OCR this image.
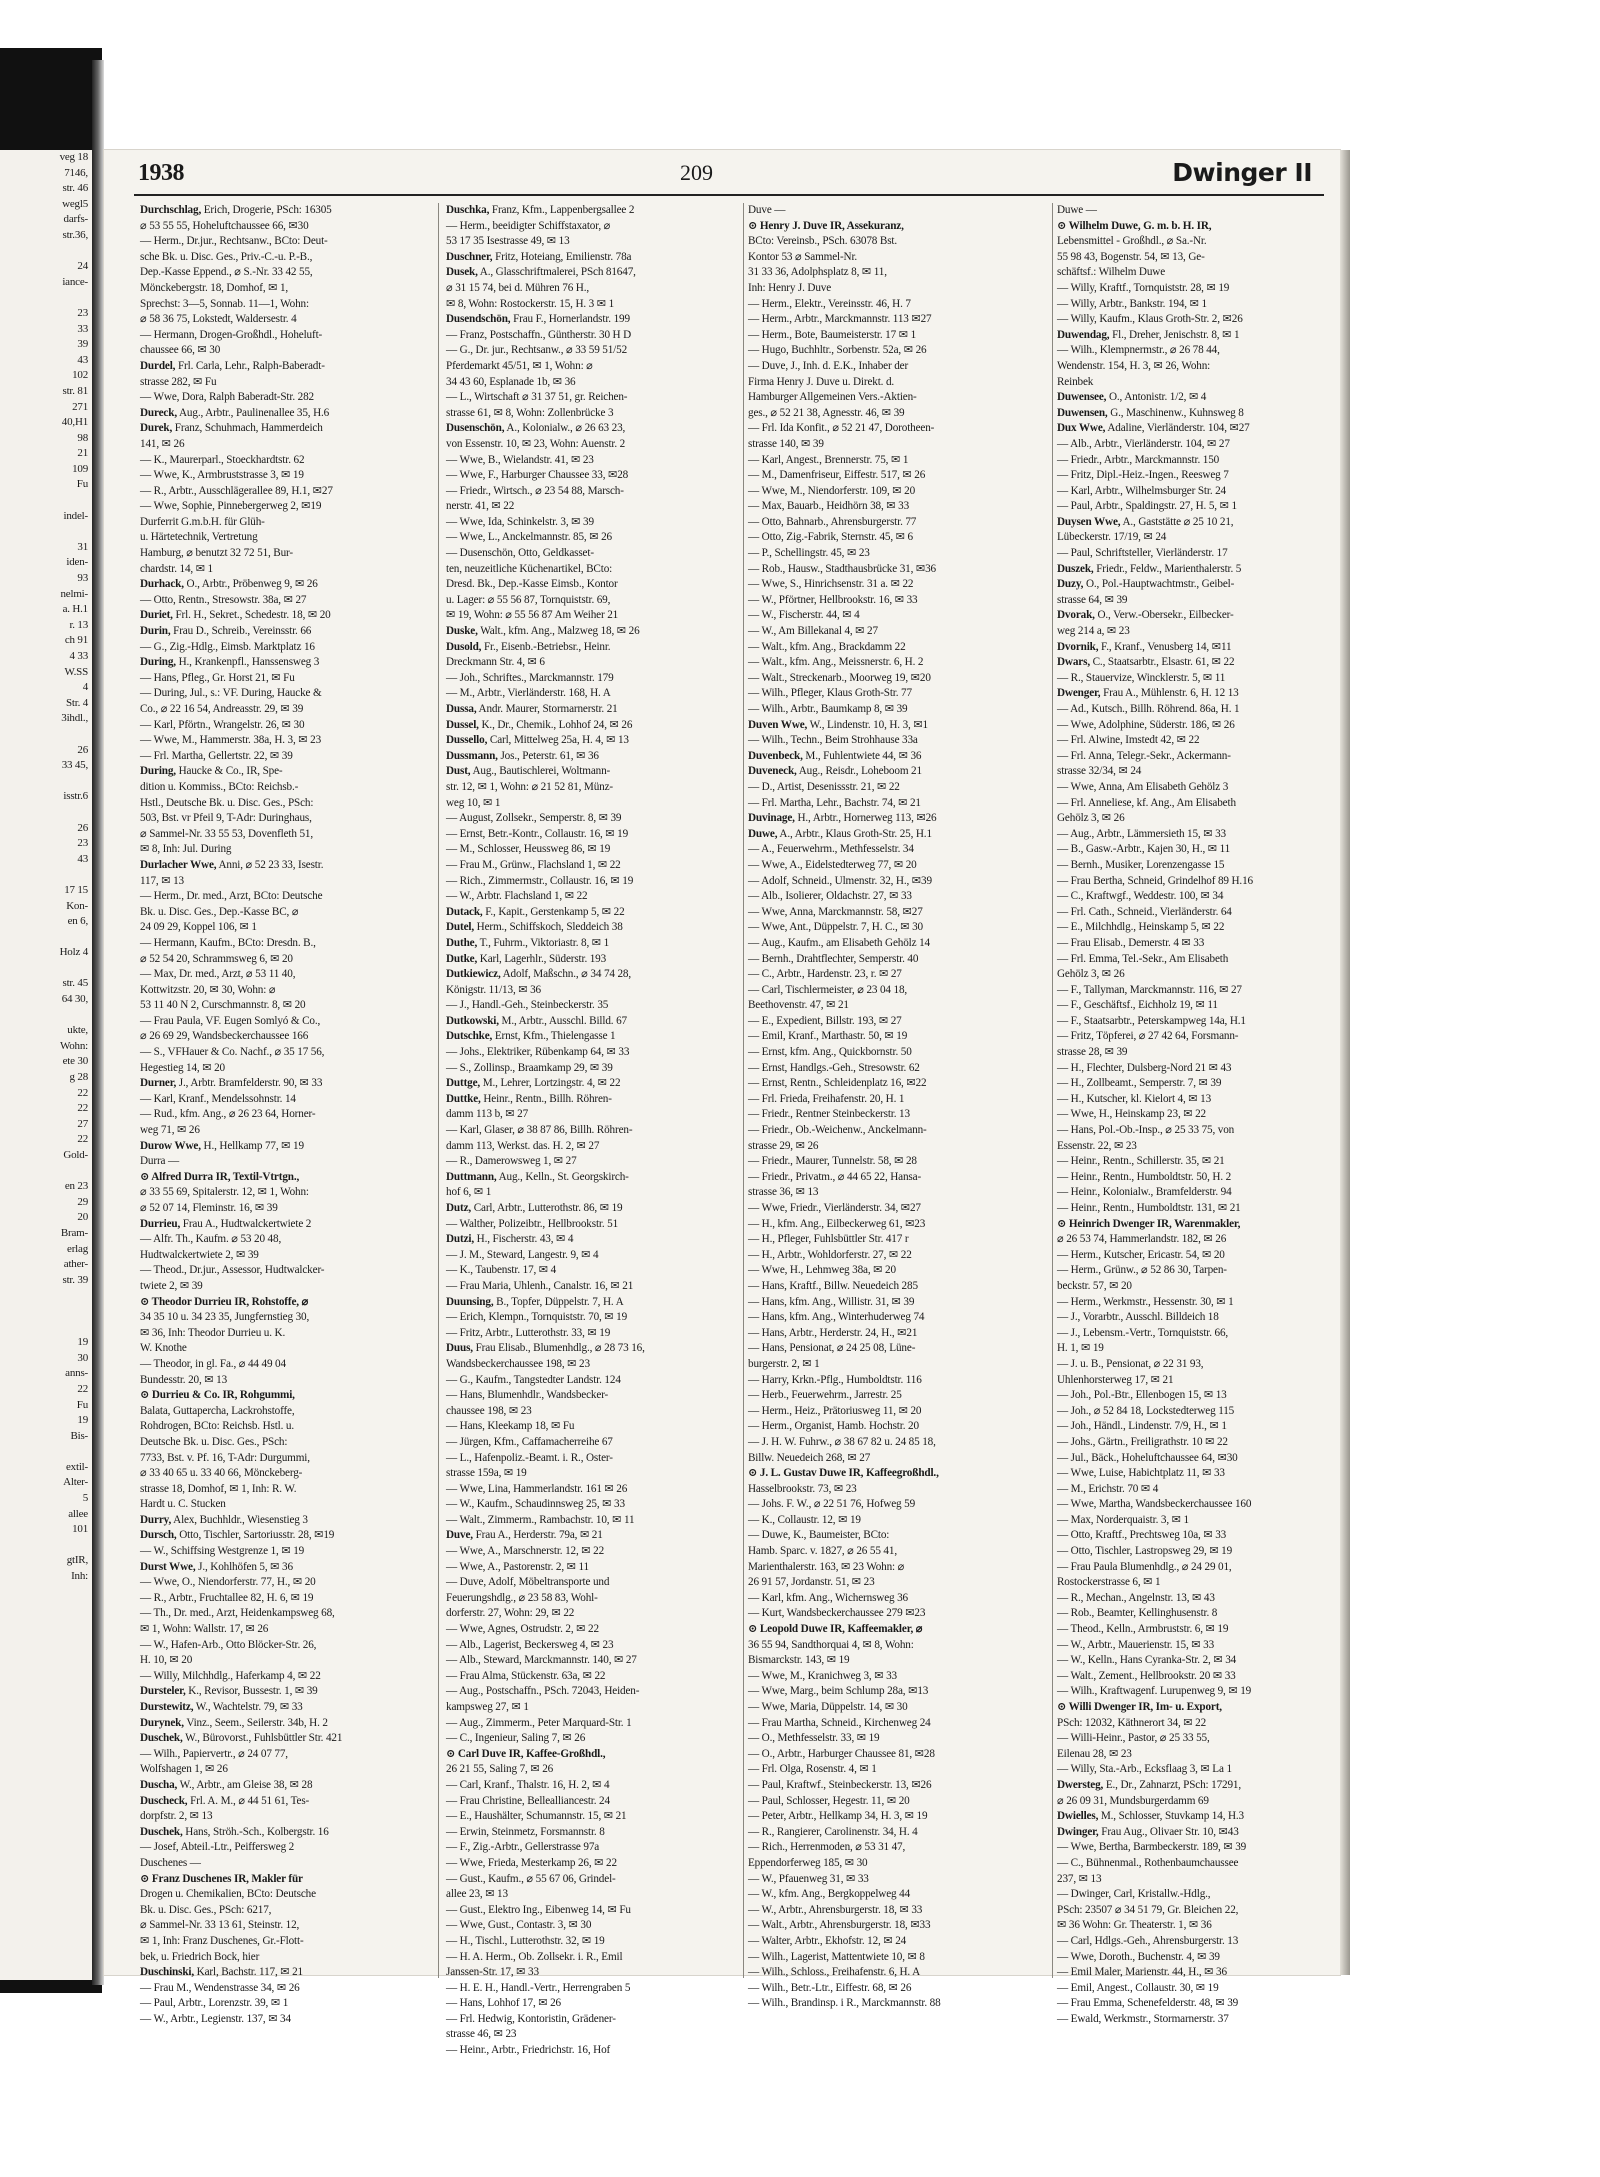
veg 18
7146,
str. 46
wegl5
darfs-
str.36,

24
iance-

23
33
39
43
102
str. 81
271
40,H1
98
21
109
Fu

indel-

31
iden-
93
nelmi-
a. H.1
r. 13
ch 91
4 33
W.SS
4
Str. 4
3ihdl.,

26
33 45,

isstr.6

26
23
43

17 15
Kon-
en 6,

Holz 4

str. 45
64 30,

ukte,
Wohn:
ete 30
g 28
22
22
27
22
Gold-

en 23
29
20
Bram-
erlag
ather-
str. 39

19
30
anns-
22
Fu
19
Bis-

extil-
Alter-
5
allee
101

gtIR,
Inh:
1938	209	Dwinger II
Durchschlag, Erich, Drogerie, PSch: 16305
⌀ 53 55 55, Hoheluftchaussee 66, ✉30
— Herm., Dr.jur., Rechtsanw., BCto: Deut-
sche Bk. u. Disc. Ges., Priv.-C.-u. P.-B.,
Dep.-Kasse Eppend., ⌀ S.-Nr. 33 42 55,
Mönckebergstr. 18, Domhof, ✉ 1,
Sprechst: 3—5, Sonnab. 11—1, Wohn:
⌀ 58 36 75, Lokstedt, Waldersestr. 4
— Hermann, Drogen-Großhdl., Hoheluft-
chaussee 66, ✉ 30
Durdel, Frl. Carla, Lehr., Ralph-Baberadt-
strasse 282, ✉ Fu
— Wwe, Dora, Ralph Baberadt-Str. 282
Dureck, Aug., Arbtr., Paulinenallee 35, H.6
Durek, Franz, Schuhmach, Hammerdeich
141, ✉ 26
— K., Maurerparl., Stoeckhardtstr. 62
— Wwe, K., Armbruststrasse 3, ✉ 19
— R., Arbtr., Ausschlägerallee 89, H.1, ✉27
— Wwe, Sophie, Pinnebergerweg 2, ✉19
Durferrit G.m.b.H. für Glüh-
u. Härtetechnik, Vertretung
Hamburg, ⌀ benutzt 32 72 51, Bur-
chardstr. 14, ✉ 1
Durhack, O., Arbtr., Pröbenweg 9, ✉ 26
— Otto, Rentn., Stresowstr. 38a, ✉ 27
Duriet, Frl. H., Sekret., Schedestr. 18, ✉ 20
Durin, Frau D., Schreib., Vereinsstr. 66
— G., Zig.-Hdlg., Eimsb. Marktplatz 16
During, H., Krankenpfl., Hanssensweg 3
— Hans, Pfleg., Gr. Horst 21, ✉ Fu
— During, Jul., s.: VF. During, Haucke &
Co., ⌀ 22 16 54, Andreasstr. 29, ✉ 39
— Karl, Pförtn., Wrangelstr. 26, ✉ 30
— Wwe, M., Hammerstr. 38a, H. 3, ✉ 23
— Frl. Martha, Gellertstr. 22, ✉ 39
During, Haucke & Co., IR, Spe-
dition u. Kommiss., BCto: Reichsb.-
Hstl., Deutsche Bk. u. Disc. Ges., PSch:
503, Bst. vr Pfeil 9, T-Adr: Duringhaus,
⌀ Sammel-Nr. 33 55 53, Dovenfleth 51,
✉ 8, Inh: Jul. During
Durlacher Wwe, Anni, ⌀ 52 23 33, Isestr.
117, ✉ 13
— Herm., Dr. med., Arzt, BCto: Deutsche
Bk. u. Disc. Ges., Dep.-Kasse BC, ⌀
24 09 29, Koppel 106, ✉ 1
— Hermann, Kaufm., BCto: Dresdn. B.,
⌀ 52 54 20, Schrammsweg 6, ✉ 20
— Max, Dr. med., Arzt, ⌀ 53 11 40,
Kottwitzstr. 20, ✉ 30, Wohn: ⌀
53 11 40 N 2, Curschmannstr. 8, ✉ 20
— Frau Paula, VF. Eugen Somlyó & Co.,
⌀ 26 69 29, Wandsbeckerchaussee 166
— S., VFHauer & Co. Nachf., ⌀ 35 17 56,
Hegestieg 14, ✉ 20
Durner, J., Arbtr. Bramfelderstr. 90, ✉ 33
— Karl, Kranf., Mendelssohnstr. 14
— Rud., kfm. Ang., ⌀ 26 23 64, Horner-
weg 71, ✉ 26
Durow Wwe, H., Hellkamp 77, ✉ 19
Durra —
⊙ Alfred Durra IR, Textil-Vtrtgn.,
⌀ 33 55 69, Spitalerstr. 12, ✉ 1, Wohn:
⌀ 52 07 14, Fleminstr. 16, ✉ 39
Durrieu, Frau A., Hudtwalckertwiete 2
— Alfr. Th., Kaufm. ⌀ 53 20 48,
Hudtwalckertwiete 2, ✉ 39
— Theod., Dr.jur., Assessor, Hudtwalcker-
twiete 2, ✉ 39
⊙ Theodor Durrieu IR, Rohstoffe, ⌀
34 35 10 u. 34 23 35, Jungfernstieg 30,
✉ 36, Inh: Theodor Durrieu u. K.
W. Knothe
— Theodor, in gl. Fa., ⌀ 44 49 04
Bundesstr. 20, ✉ 13
⊙ Durrieu & Co. IR, Rohgummi,
Balata, Guttapercha, Lackrohstoffe,
Rohdrogen, BCto: Reichsb. Hstl. u.
Deutsche Bk. u. Disc. Ges., PSch:
7733, Bst. v. Pf. 16, T-Adr: Durgummi,
⌀ 33 40 65 u. 33 40 66, Mönckeberg-
strasse 18, Domhof, ✉ 1, Inh: R. W.
Hardt u. C. Stucken
Durry, Alex, Buchhldr., Wiesenstieg 3
Dursch, Otto, Tischler, Sartoriusstr. 28, ✉19
— W., Schiffsing Westgrenze 1, ✉ 19
Durst Wwe, J., Kohlhöfen 5, ✉ 36
— Wwe, O., Niendorferstr. 77, H., ✉ 20
— R., Arbtr., Fruchtallee 82, H. 6, ✉ 19
— Th., Dr. med., Arzt, Heidenkampsweg 68,
✉ 1, Wohn: Wallstr. 17, ✉ 26
— W., Hafen-Arb., Otto Blöcker-Str. 26,
H. 10, ✉ 20
— Willy, Milchhdlg., Haferkamp 4, ✉ 22
Dursteler, K., Revisor, Bussestr. 1, ✉ 39
Durstewitz, W., Wachtelstr. 79, ✉ 33
Durynek, Vinz., Seem., Seilerstr. 34b, H. 2
Duschek, W., Bürovorst., Fuhlsbüttler Str. 421
— Wilh., Papiervertr., ⌀ 24 07 77,
Wolfshagen 1, ✉ 26
Duscha, W., Arbtr., am Gleise 38, ✉ 28
Duscheck, Frl. A. M., ⌀ 44 51 61, Tes-
dorpfstr. 2, ✉ 13
Duschek, Hans, Ströh.-Sch., Kolbergstr. 16
— Josef, Abteil.-Ltr., Peiffersweg 2
Duschenes —
⊙ Franz Duschenes IR, Makler für
Drogen u. Chemikalien, BCto: Deutsche
Bk. u. Disc. Ges., PSch: 6217,
⌀ Sammel-Nr. 33 13 61, Steinstr. 12,
✉ 1, Inh: Franz Duschenes, Gr.-Flott-
bek, u. Friedrich Bock, hier
Duschinski, Karl, Bachstr. 117, ✉ 21
— Frau M., Wendenstrasse 34, ✉ 26
— Paul, Arbtr., Lorenzstr. 39, ✉ 1
— W., Arbtr., Legienstr. 137, ✉ 34
Duschka, Franz, Kfm., Lappenbergsallee 2
— Herm., beeidigter Schiffstaxator, ⌀
53 17 35 Isestrasse 49, ✉ 13
Duschner, Fritz, Hoteiang, Emilienstr. 78a
Dusek, A., Glasschriftmalerei, PSch 81647,
⌀ 31 15 74, bei d. Mühren 76 H.,
✉ 8, Wohn: Rostockerstr. 15, H. 3 ✉ 1
Dusendschön, Frau F., Hornerlandstr. 199
— Franz, Postschaffn., Güntherstr. 30 H D
— G., Dr. jur., Rechtsanw., ⌀ 33 59 51/52
Pferdemarkt 45/51, ✉ 1, Wohn: ⌀
34 43 60, Esplanade 1b, ✉ 36
— L., Wirtschaft ⌀ 31 37 51, gr. Reichen-
strasse 61, ✉ 8, Wohn: Zollenbrücke 3
Dusenschön, A., Kolonialw., ⌀ 26 63 23,
von Essenstr. 10, ✉ 23, Wohn: Auenstr. 2
— Wwe, B., Wielandstr. 41, ✉ 23
— Wwe, F., Harburger Chaussee 33, ✉28
— Friedr., Wirtsch., ⌀ 23 54 88, Marsch-
nerstr. 41, ✉ 22
— Wwe, Ida, Schinkelstr. 3, ✉ 39
— Wwe, L., Anckelmannstr. 85, ✉ 26
— Dusenschön, Otto, Geldkasset-
ten, neuzeitliche Küchenartikel, BCto:
Dresd. Bk., Dep.-Kasse Eimsb., Kontor
u. Lager: ⌀ 55 56 87, Tornquiststr. 69,
✉ 19, Wohn: ⌀ 55 56 87 Am Weiher 21
Duske, Walt., kfm. Ang., Malzweg 18, ✉ 26
Dusold, Fr., Eisenb.-Betriebsr., Heinr.
Dreckmann Str. 4, ✉ 6
— Joh., Schriftes., Marckmannstr. 179
— M., Arbtr., Vierländerstr. 168, H. A
Dussa, Andr. Maurer, Stormarnerstr. 21
Dussel, K., Dr., Chemik., Lohhof 24, ✉ 26
Dussello, Carl, Mittelweg 25a, H. 4, ✉ 13
Dussmann, Jos., Peterstr. 61, ✉ 36
Dust, Aug., Bautischlerei, Woltmann-
str. 12, ✉ 1, Wohn: ⌀ 21 52 81, Münz-
weg 10, ✉ 1
— August, Zollsekr., Semperstr. 8, ✉ 39
— Ernst, Betr.-Kontr., Collaustr. 16, ✉ 19
— M., Schlosser, Heussweg 86, ✉ 19
— Frau M., Grünw., Flachsland 1, ✉ 22
— Rich., Zimmermstr., Collaustr. 16, ✉ 19
— W., Arbtr. Flachsland 1, ✉ 22
Dutack, F., Kapit., Gerstenkamp 5, ✉ 22
Dutel, Herm., Schiffskoch, Sleddeich 38
Duthe, T., Fuhrm., Viktoriastr. 8, ✉ 1
Dutke, Karl, Lagerhlr., Süderstr. 193
Dutkiewicz, Adolf, Maßschn., ⌀ 34 74 28,
Königstr. 11/13, ✉ 36
— J., Handl.-Geh., Steinbeckerstr. 35
Dutkowski, M., Arbtr., Ausschl. Billd. 67
Dutschke, Ernst, Kfm., Thielengasse 1
— Johs., Elektriker, Rübenkamp 64, ✉ 33
— S., Zollinsp., Braamkamp 29, ✉ 39
Duttge, M., Lehrer, Lortzingstr. 4, ✉ 22
Duttke, Heinr., Rentn., Billh. Röhren-
damm 113 b, ✉ 27
— Karl, Glaser, ⌀ 38 87 86, Billh. Röhren-
damm 113, Werkst. das. H. 2, ✉ 27
— R., Damerowsweg 1, ✉ 27
Duttmann, Aug., Kelln., St. Georgskirch-
hof 6, ✉ 1
Dutz, Carl, Arbtr., Lutterothstr. 86, ✉ 19
— Walther, Polizeibtr., Hellbrookstr. 51
Dutzi, H., Fischerstr. 43, ✉ 4
— J. M., Steward, Langestr. 9, ✉ 4
— K., Taubenstr. 17, ✉ 4
— Frau Maria, Uhlenh., Canalstr. 16, ✉ 21
Duunsing, B., Topfer, Düppelstr. 7, H. A
— Erich, Klempn., Tornquiststr. 70, ✉ 19
— Fritz, Arbtr., Lutterothstr. 33, ✉ 19
Duus, Frau Elisab., Blumenhdlg., ⌀ 28 73 16,
Wandsbeckerchaussee 198, ✉ 23
— G., Kaufm., Tangstedter Landstr. 124
— Hans, Blumenhdlr., Wandsbecker-
chaussee 198, ✉ 23
— Hans, Kleekamp 18, ✉ Fu
— Jürgen, Kfm., Caffamacherreihe 67
— L., Hafenpoliz.-Beamt. i. R., Oster-
strasse 159a, ✉ 19
— Wwe, Lina, Hammerlandstr. 161 ✉ 26
— W., Kaufm., Schaudinnsweg 25, ✉ 33
— Walt., Zimmerm., Rambachstr. 10, ✉ 11
Duve, Frau A., Herderstr. 79a, ✉ 21
— Wwe, A., Marschnerstr. 12, ✉ 22
— Wwe, A., Pastorenstr. 2, ✉ 11
— Duve, Adolf, Möbeltransporte und
Feuerungshdlg., ⌀ 23 58 83, Wohl-
dorferstr. 27, Wohn: 29, ✉ 22
— Wwe, Agnes, Ostrudstr. 2, ✉ 22
— Alb., Lagerist, Beckersweg 4, ✉ 23
— Alb., Steward, Marckmannstr. 140, ✉ 27
— Frau Alma, Stückenstr. 63a, ✉ 22
— Aug., Postschaffn., PSch. 72043, Heiden-
kampsweg 27, ✉ 1
— Aug., Zimmerm., Peter Marquard-Str. 1
— C., Ingenieur, Saling 7, ✉ 26
⊙ Carl Duve IR, Kaffee-Großhdl.,
26 21 55, Saling 7, ✉ 26
— Carl, Kranf., Thalstr. 16, H. 2, ✉ 4
— Frau Christine, Belleallianсestr. 24
— E., Haushälter, Schumannstr. 15, ✉ 21
— Erwin, Steinmetz, Forsmannstr. 8
— F., Zig.-Arbtr., Gellerstrasse 97a
— Wwe, Frieda, Mesterkamp 26, ✉ 22
— Gust., Kaufm., ⌀ 55 67 06, Grindel-
allee 23, ✉ 13
— Gust., Elektro Ing., Eibenweg 14, ✉ Fu
— Wwe, Gust., Contastr. 3, ✉ 30
— H., Tischl., Lutterothstr. 32, ✉ 19
— H. A. Herm., Ob. Zollsekr. i. R., Emil
Janssen-Str. 17, ✉ 33
— H. E. H., Handl.-Vertr., Herrengraben 5
— Hans, Lohhof 17, ✉ 26
— Frl. Hedwig, Kontoristin, Grädener-
strasse 46, ✉ 23
— Heinr., Arbtr., Friedrichstr. 16, Hof
Duve —
⊙ Henry J. Duve IR, Assekuranz,
BCto: Vereinsb., PSch. 63078 Bst.
Kontor 53 ⌀ Sammel-Nr.
31 33 36, Adolphsplatz 8, ✉ 11,
Inh: Henry J. Duve
— Herm., Elektr., Vereinsstr. 46, H. 7
— Herm., Arbtr., Marckmannstr. 113 ✉27
— Herm., Bote, Baumeisterstr. 17 ✉ 1
— Hugo, Buchhltr., Sorbenstr. 52a, ✉ 26
— Duve, J., Inh. d. E.K., Inhaber der
Firma Henry J. Duve u. Direkt. d.
Hamburger Allgemeinen Vers.-Aktien-
ges., ⌀ 52 21 38, Agnesstr. 46, ✉ 39
— Frl. Ida Konfit., ⌀ 52 21 47, Dorotheen-
strasse 140, ✉ 39
— Karl, Angest., Brennerstr. 75, ✉ 1
— M., Damenfriseur, Eiffestr. 517, ✉ 26
— Wwe, M., Niendorferstr. 109, ✉ 20
— Max, Bauarb., Heidhörn 38, ✉ 33
— Otto, Bahnarb., Ahrensburgerstr. 77
— Otto, Zig.-Fabrik, Sternstr. 45, ✉ 6
— P., Schellingstr. 45, ✉ 23
— Rob., Hausw., Stadthausbrücke 31, ✉36
— Wwe, S., Hinrichsenstr. 31 a. ✉ 22
— W., Pförtner, Hellbrookstr. 16, ✉ 33
— W., Fischerstr. 44, ✉ 4
— W., Am Billekanal 4, ✉ 27
— Walt., kfm. Ang., Brackdamm 22
— Walt., kfm. Ang., Meissnerstr. 6, H. 2
— Walt., Streckenarb., Moorweg 19, ✉20
— Wilh., Pfleger, Klaus Groth-Str. 77
— Wilh., Arbtr., Baumkamp 8, ✉ 39
Duven Wwe, W., Lindenstr. 10, H. 3, ✉1
— Wilh., Techn., Beim Strohhause 33a
Duvenbeck, M., Fuhlentwiete 44, ✉ 36
Duveneck, Aug., Reisdr., Loheboom 21
— D., Artist, Desenissstr. 21, ✉ 22
— Frl. Martha, Lehr., Bachstr. 74, ✉ 21
Duvinage, H., Arbtr., Hornerweg 113, ✉26
Duwe, A., Arbtr., Klaus Groth-Str. 25, H.1
— A., Feuerwehrm., Methfesselstr. 34
— Wwe, A., Eidelstedterweg 77, ✉ 20
— Adolf, Schneid., Ulmenstr. 32, H., ✉39
— Alb., Isolierer, Oldachstr. 27, ✉ 33
— Wwe, Anna, Marckmannstr. 58, ✉27
— Wwe, Ant., Düppelstr. 7, H. C., ✉ 30
— Aug., Kaufm., am Elisabeth Gehölz 14
— Bernh., Drahtflechter, Semperstr. 40
— C., Arbtr., Hardenstr. 23, r. ✉ 27
— Carl, Tischlermeister, ⌀ 23 04 18,
Beethovenstr. 47, ✉ 21
— E., Expedient, Billstr. 193, ✉ 27
— Emil, Kranf., Marthastr. 50, ✉ 19
— Ernst, kfm. Ang., Quickbornstr. 50
— Ernst, Handlgs.-Geh., Stresowstr. 62
— Ernst, Rentn., Schleidenplatz 16, ✉22
— Frl. Frieda, Freihafenstr. 20, H. 1
— Friedr., Rentner Steinbeckerstr. 13
— Friedr., Ob.-Weichenw., Anckelmann-
strasse 29, ✉ 26
— Friedr., Maurer, Tunnelstr. 58, ✉ 28
— Friedr., Privatm., ⌀ 44 65 22, Hansa-
strasse 36, ✉ 13
— Wwe, Friedr., Vierländerstr. 34, ✉27
— H., kfm. Ang., Eilbeckerweg 61, ✉23
— H., Pfleger, Fuhlsbüttler Str. 417 r
— H., Arbtr., Wohldorferstr. 27, ✉ 22
— Wwe, H., Lehmweg 38a, ✉ 20
— Hans, Kraftf., Billw. Neuedeich 285
— Hans, kfm. Ang., Willistr. 31, ✉ 39
— Hans, kfm. Ang., Winterhuderweg 74
— Hans, Arbtr., Herderstr. 24, H., ✉21
— Hans, Pensionat, ⌀ 24 25 08, Lüne-
burgerstr. 2, ✉ 1
— Harry, Krkn.-Pflg., Humboldtstr. 116
— Herb., Feuerwehrm., Jarrestr. 25
— Herm., Heiz., Prätoriusweg 11, ✉ 20
— Herm., Organist, Hamb. Hochstr. 20
— J. H. W. Fuhrw., ⌀ 38 67 82 u. 24 85 18,
Billw. Neuedeich 268, ✉ 27
⊙ J. L. Gustav Duwe IR, Kaffeegroßhdl.,
Hasselbrookstr. 73, ✉ 23
— Johs. F. W., ⌀ 22 51 76, Hofweg 59
— K., Collaustr. 12, ✉ 19
— Duwe, K., Baumeister, BCto:
Hamb. Sparc. v. 1827, ⌀ 26 55 41,
Marienthalerstr. 163, ✉ 23 Wohn: ⌀
26 91 57, Jordanstr. 51, ✉ 23
— Karl, kfm. Ang., Wichernsweg 36
— Kurt, Wandsbeckerchaussee 279 ✉23
⊙ Leopold Duwe IR, Kaffeemakler, ⌀
36 55 94, Sandthorquai 4, ✉ 8, Wohn:
Bismarckstr. 143, ✉ 19
— Wwe, M., Kranichweg 3, ✉ 33
— Wwe, Marg., beim Schlump 28a, ✉13
— Wwe, Maria, Düppelstr. 14, ✉ 30
— Frau Martha, Schneid., Kirchenweg 24
— O., Methfesselstr. 33, ✉ 19
— O., Arbtr., Harburger Chaussee 81, ✉28
— Frl. Olga, Rosenstr. 4, ✉ 1
— Paul, Kraftwf., Steinbeckerstr. 13, ✉26
— Paul, Schlosser, Hegestr. 11, ✉ 20
— Peter, Arbtr., Hellkamp 34, H. 3, ✉ 19
— R., Rangierer, Carolinenstr. 34, H. 4
— Rich., Herrenmoden, ⌀ 53 31 47,
Eppendorferweg 185, ✉ 30
— W., Pfauenweg 31, ✉ 33
— W., kfm. Ang., Bergkoppelweg 44
— W., Arbtr., Ahrensburgerstr. 18, ✉ 33
— Walt., Arbtr., Ahrensburgerstr. 18, ✉33
— Walter, Arbtr., Ekhofstr. 12, ✉ 24
— Wilh., Lagerist, Mattentwiete 10, ✉ 8
— Wilh., Schloss., Freihafenstr. 6, H. A
— Wilh., Betr.-Ltr., Eiffestr. 68, ✉ 26
— Wilh., Brandinsp. i R., Marckmannstr. 88
Duwe —
⊙ Wilhelm Duwe, G. m. b. H. IR,
Lebensmittel - Großhdl., ⌀ Sa.-Nr.
55 98 43, Bogenstr. 54, ✉ 13, Ge-
schäftsf.: Wilhelm Duwe
— Willy, Kraftf., Tornquiststr. 28, ✉ 19
— Willy, Arbtr., Bankstr. 194, ✉ 1
— Willy, Kaufm., Klaus Groth-Str. 2, ✉26
Duwendag, Fl., Dreher, Jenischstr. 8, ✉ 1
— Wilh., Klempnermstr., ⌀ 26 78 44,
Wendenstr. 154, H. 3, ✉ 26, Wohn:
Reinbek
Duwensee, O., Antonistr. 1/2, ✉ 4
Duwensen, G., Maschinenw., Kuhnsweg 8
Dux Wwe, Adaline, Vierländerstr. 104, ✉27
— Alb., Arbtr., Vierländerstr. 104, ✉ 27
— Friedr., Arbtr., Marckmannstr. 150
— Fritz, Dipl.-Heiz.-Ingen., Reesweg 7
— Karl, Arbtr., Wilhelmsburger Str. 24
— Paul, Arbtr., Spaldingstr. 27, H. 5, ✉ 1
Duysen Wwe, A., Gaststätte ⌀ 25 10 21,
Lübeckerstr. 17/19, ✉ 24
— Paul, Schriftsteller, Vierländerstr. 17
Duszek, Friedr., Feldw., Marienthalerstr. 5
Duzy, O., Pol.-Hauptwachtmstr., Geibel-
strasse 64, ✉ 39
Dvorak, O., Verw.-Obersekr., Eilbecker-
weg 214 a, ✉ 23
Dvornik, F., Kranf., Venusberg 14, ✉11
Dwars, C., Staatsarbtr., Elsastr. 61, ✉ 22
— R., Stauervize, Wincklerstr. 5, ✉ 11
Dwenger, Frau A., Mühlenstr. 6, H. 12 13
— Ad., Kutsch., Billh. Röhrend. 86a, H. 1
— Wwe, Adolphine, Süderstr. 186, ✉ 26
— Frl. Alwine, Imstedt 42, ✉ 22
— Frl. Anna, Telegr.-Sekr., Ackermann-
strasse 32/34, ✉ 24
— Wwe, Anna, Am Elisabeth Gehölz 3
— Frl. Anneliese, kf. Ang., Am Elisabeth
Gehölz 3, ✉ 26
— Aug., Arbtr., Lämmersieth 15, ✉ 33
— B., Gasw.-Arbtr., Kajen 30, H., ✉ 11
— Bernh., Musiker, Lorenzengasse 15
— Frau Bertha, Schneid, Grindelhof 89 H.16
— C., Kraftwgf., Weddestr. 100, ✉ 34
— Frl. Cath., Schneid., Vierländerstr. 64
— E., Milchhdlg., Heinskamp 5, ✉ 22
— Frau Elisab., Demerstr. 4 ✉ 33
— Frl. Emma, Tel.-Sekr., Am Elisabeth
Gehölz 3, ✉ 26
— F., Tallyman, Marckmannstr. 116, ✉ 27
— F., Geschäftsf., Eichholz 19, ✉ 11
— F., Staatsarbtr., Peterskampweg 14a, H.1
— Fritz, Töpferei, ⌀ 27 42 64, Forsmann-
strasse 28, ✉ 39
— H., Flechter, Dulsberg-Nord 21 ✉ 43
— H., Zollbeamt., Semperstr. 7, ✉ 39
— H., Kutscher, kl. Kielort 4, ✉ 13
— Wwe, H., Heinskamp 23, ✉ 22
— Hans, Pol.-Ob.-Insp., ⌀ 25 33 75, von
Essenstr. 22, ✉ 23
— Heinr., Rentn., Schillerstr. 35, ✉ 21
— Heinr., Rentn., Humboldtstr. 50, H. 2
— Heinr., Kolonialw., Bramfelderstr. 94
— Heinr., Rentn., Humboldtstr. 131, ✉ 21
⊙ Heinrich Dwenger IR, Warenmakler,
⌀ 26 53 74, Hammerlandstr. 182, ✉ 26
— Herm., Kutscher, Ericastr. 54, ✉ 20
— Herm., Grünw., ⌀ 52 86 30, Tarpen-
beckstr. 57, ✉ 20
— Herm., Werkmstr., Hessenstr. 30, ✉ 1
— J., Vorarbtr., Ausschl. Billdeich 18
— J., Lebensm.-Vertr., Tornquiststr. 66,
H. 1, ✉ 19
— J. u. B., Pensionat, ⌀ 22 31 93,
Uhlenhorsterweg 17, ✉ 21
— Joh., Pol.-Btr., Ellenbogen 15, ✉ 13
— Joh., ⌀ 52 84 18, Lockstedterweg 115
— Joh., Händl., Lindenstr. 7/9, H., ✉ 1
— Johs., Gärtn., Freiligrathstr. 10 ✉ 22
— Jul., Bäck., Hoheluftchaussee 64, ✉30
— Wwe, Luise, Habichtplatz 11, ✉ 33
— M., Erichstr. 70 ✉ 4
— Wwe, Martha, Wandsbeckerchaussee 160
— Max, Norderquaistr. 3, ✉ 1
— Otto, Kraftf., Prechtsweg 10a, ✉ 33
— Otto, Tischler, Lastropsweg 29, ✉ 19
— Frau Paula Blumenhdlg., ⌀ 24 29 01,
Rostockerstrasse 6, ✉ 1
— R., Mechan., Angelnstr. 13, ✉ 43
— Rob., Beamter, Kellinghusenstr. 8
— Theod., Kelln., Armbruststr. 6, ✉ 19
— W., Arbtr., Mauerienstr. 15, ✉ 33
— W., Kelln., Hans Cyranka-Str. 2, ✉ 34
— Walt., Zement., Hellbrookstr. 20 ✉ 33
— Wilh., Kraftwagenf. Lurupenweg 9, ✉ 19
⊙ Willi Dwenger IR, Im- u. Export,
PSch: 12032, Käthnerort 34, ✉ 22
— Willi-Heinr., Pastor, ⌀ 25 33 55,
Eilenau 28, ✉ 23
— Willy, Sta.-Arb., Ecksflaag 3, ✉ La 1
Dwersteg, E., Dr., Zahnarzt, PSch: 17291,
⌀ 26 09 31, Mundsburgerdamm 69
Dwielles, M., Schlosser, Stuvkamp 14, H.3
Dwinger, Frau Aug., Olivaer Str. 10, ✉43
— Wwe, Bertha, Barmbeckerstr. 189, ✉ 39
— C., Bühnenmal., Rothenbaumchaussee
237, ✉ 13
— Dwinger, Carl, Kristallw.-Hdlg.,
PSch: 23507 ⌀ 34 51 79, Gr. Bleichen 22,
✉ 36 Wohn: Gr. Theaterstr. 1, ✉ 36
— Carl, Hdlgs.-Geh., Ahrensburgerstr. 13
— Wwe, Doroth., Buchenstr. 4, ✉ 39
— Emil Maler, Marienstr. 44, H., ✉ 36
— Emil, Angest., Collaustr. 30, ✉ 19
— Frau Emma, Schenefelderstr. 48, ✉ 39
— Ewald, Werkmstr., Stormarnerstr. 37
